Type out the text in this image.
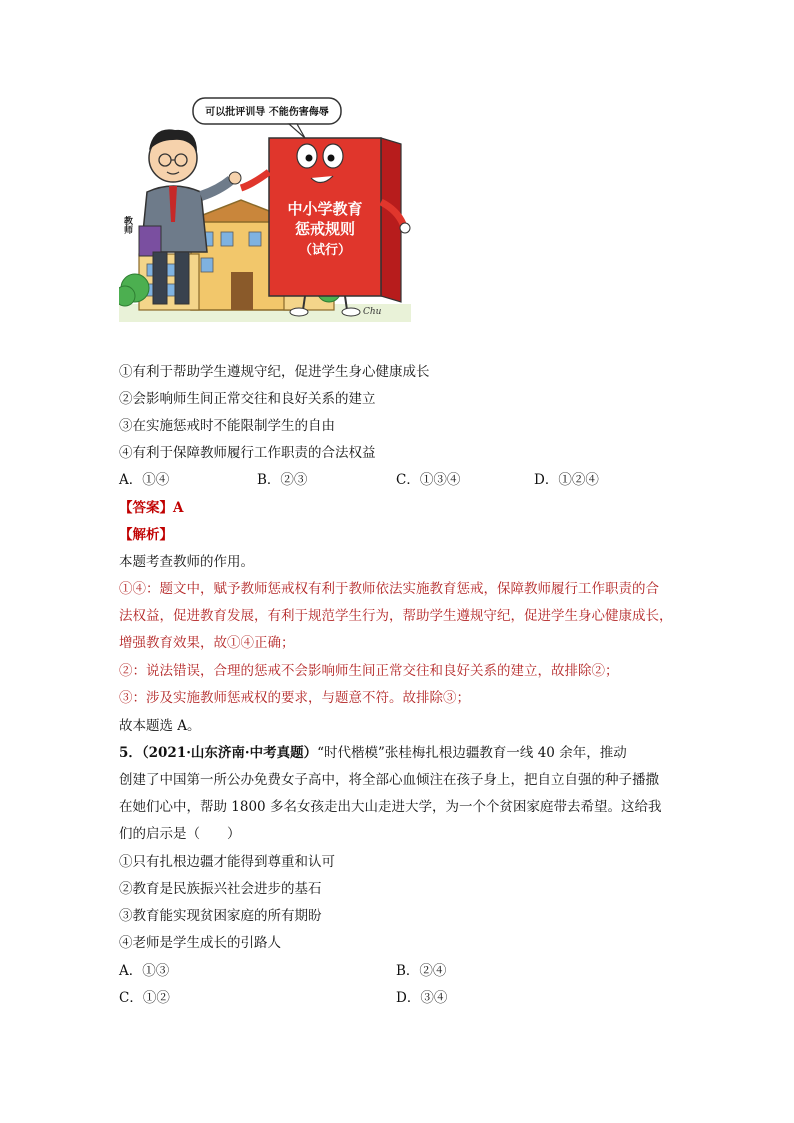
教师
可以批评训导 不能伤害侮辱
中小学教育
惩戒规则
（试行）
Chu
①有利于帮助学生遵规守纪，促进学生身心健康成长
②会影响师生间正常交往和良好关系的建立
③在实施惩戒时不能限制学生的自由
④有利于保障教师履行工作职责的合法权益
A．①④	B．②③	C．①③④	D．①②④
【答案】A
【解析】
本题考查教师的作用。
①④：题文中，赋予教师惩戒权有利于教师依法实施教育惩戒，保障教师履行工作职责的合
法权益，促进教育发展，有利于规范学生行为，帮助学生遵规守纪，促进学生身心健康成长，
增强教育效果，故①④正确；
②：说法错误，合理的惩戒不会影响师生间正常交往和良好关系的建立，故排除②；
③：涉及实施教师惩戒权的要求，与题意不符。故排除③；
故本题选 A。
5．（2021·山东济南·中考真题）“时代楷模”张桂梅扎根边疆教育一线 40 余年，推动
创建了中国第一所公办免费女子高中，将全部心血倾注在孩子身上，把自立自强的种子播撒
在她们心中，帮助 1800 多名女孩走出大山走进大学，为一个个贫困家庭带去希望。这给我
们的启示是（　　）
①只有扎根边疆才能得到尊重和认可
②教育是民族振兴社会进步的基石
③教育能实现贫困家庭的所有期盼
④老师是学生成长的引路人
A．①③	B．②④
C．①②	D．③④
